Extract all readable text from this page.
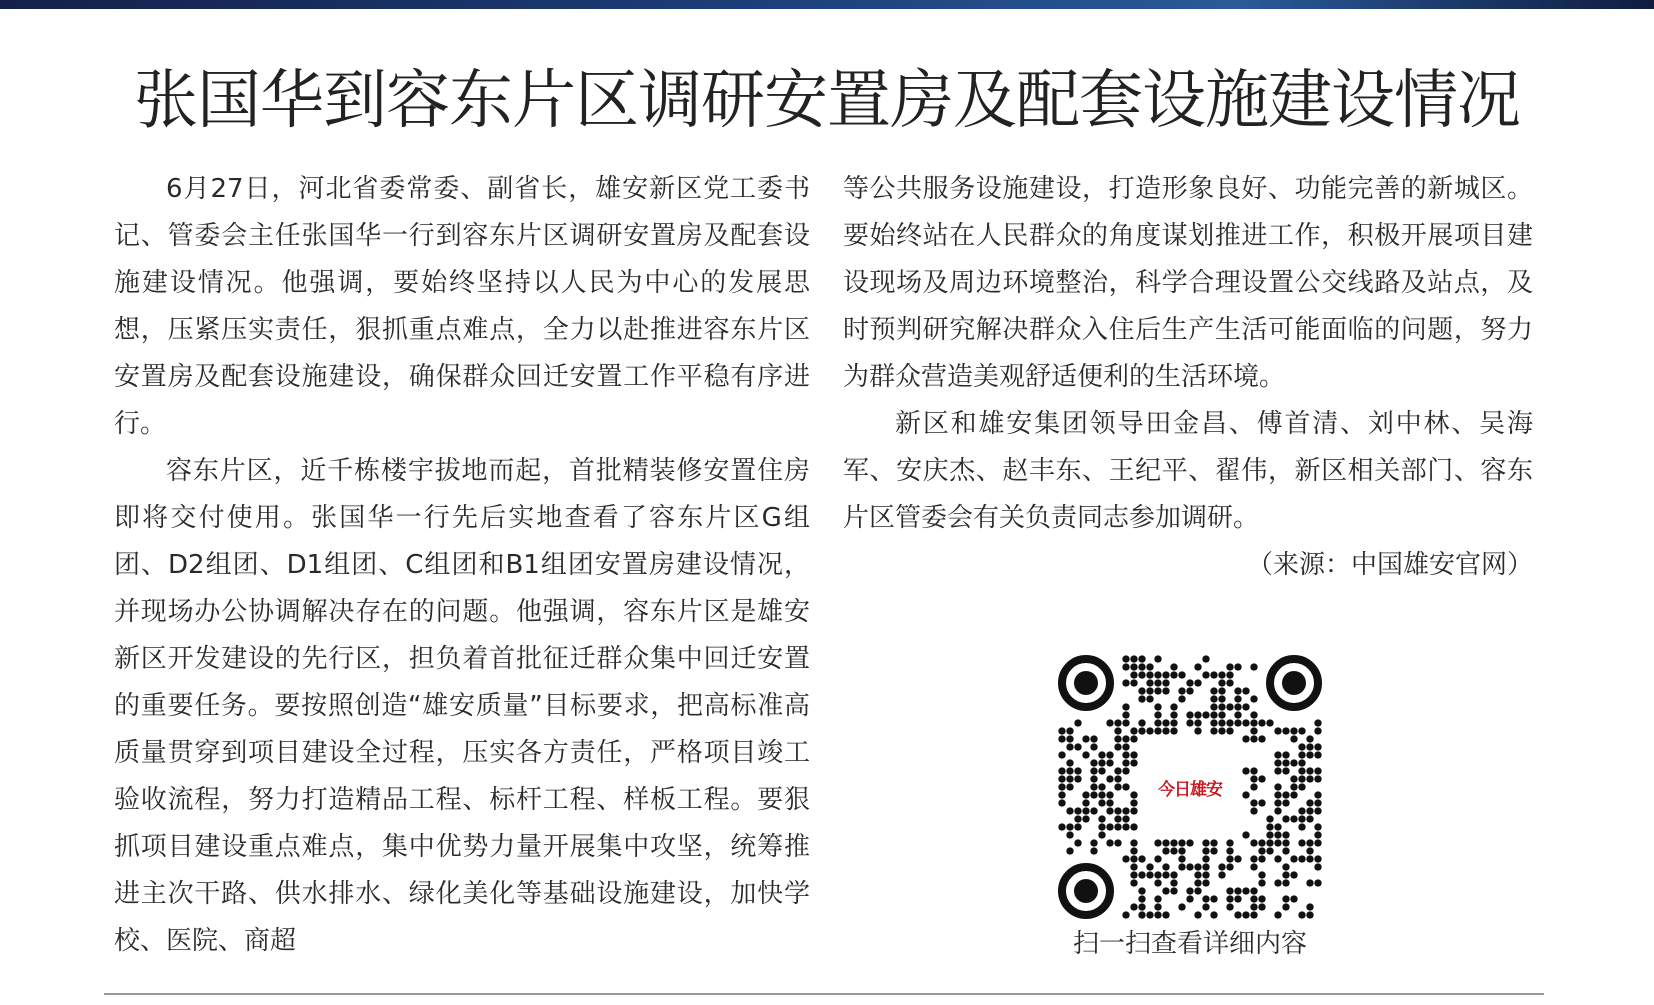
张国华到容东片区调研安置房及配套设施建设情况

6月27日，河北省委常委、副省长，雄安新区党工委书记、管委会主任张国华一行到容东片区调研安置房及配套设施建设情况。他强调，要始终坚持以人民为中心的发展思想，压紧压实责任，狠抓重点难点，全力以赴推进容东片区安置房及配套设施建设，确保群众回迁安置工作平稳有序进行。

容东片区，近千栋楼宇拔地而起，首批精装修安置住房即将交付使用。张国华一行先后实地查看了容东片区G组团、D2组团、D1组团、C组团和B1组团安置房建设情况，并现场办公协调解决存在的问题。他强调，容东片区是雄安新区开发建设的先行区，担负着首批征迁群众集中回迁安置的重要任务。要按照创造“雄安质量”目标要求，把高标准高质量贯穿到项目建设全过程，压实各方责任，严格项目竣工验收流程，努力打造精品工程、标杆工程、样板工程。要狠抓项目建设重点难点，集中优势力量开展集中攻坚，统筹推进主次干路、供水排水、绿化美化等基础设施建设，加快学校、医院、商超

等公共服务设施建设，打造形象良好、功能完善的新城区。要始终站在人民群众的角度谋划推进工作，积极开展项目建设现场及周边环境整治，科学合理设置公交线路及站点，及时预判研究解决群众入住后生产生活可能面临的问题，努力为群众营造美观舒适便利的生活环境。

新区和雄安集团领导田金昌、傅首清、刘中林、吴海军、安庆杰、赵丰东、王纪平、翟伟，新区相关部门、容东片区管委会有关负责同志参加调研。

（来源：中国雄安官网）

今日雄安
扫一扫查看详细内容
